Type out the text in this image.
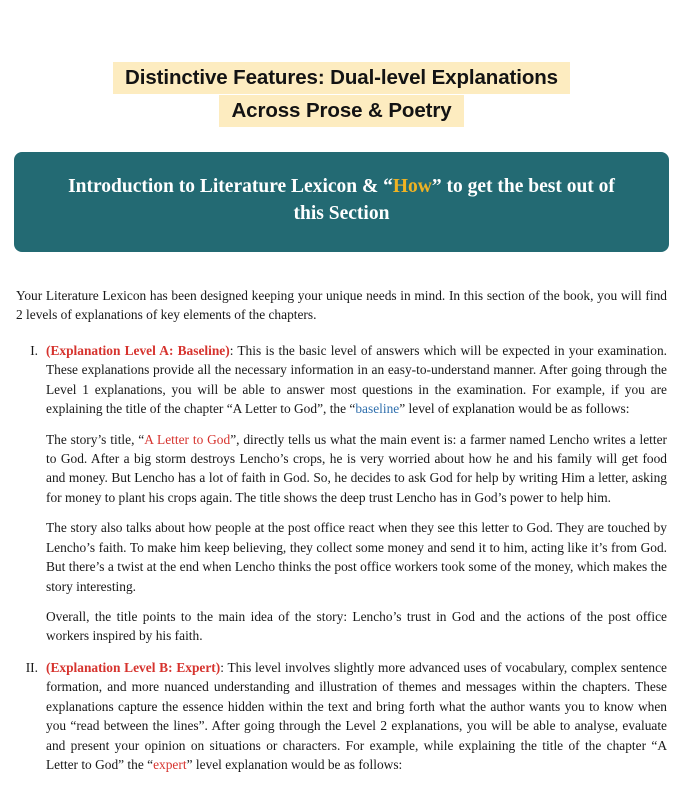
Distinctive Features: Dual-level Explanations
Across Prose & Poetry
Introduction to Literature Lexicon & “How” to get the best out of this Section

Your Literature Lexicon has been designed keeping your unique needs in mind. In this section of the book, you will find 2 levels of explanations of key elements of the chapters.

I. (Explanation Level A: Baseline): This is the basic level of answers which will be expected in your examination. These explanations provide all the necessary information in an easy-to-understand manner. After going through the Level 1 explanations, you will be able to answer most questions in the examination. For example, if you are explaining the title of the chapter “A Letter to God”, the “baseline” level of explanation would be as follows:

The story’s title, “A Letter to God”, directly tells us what the main event is: a farmer named Lencho writes a letter to God. After a big storm destroys Lencho’s crops, he is very worried about how he and his family will get food and money. But Lencho has a lot of faith in God. So, he decides to ask God for help by writing Him a letter, asking for money to plant his crops again. The title shows the deep trust Lencho has in God’s power to help him.

The story also talks about how people at the post office react when they see this letter to God. They are touched by Lencho’s faith. To make him keep believing, they collect some money and send it to him, acting like it’s from God. But there’s a twist at the end when Lencho thinks the post office workers took some of the money, which makes the story interesting.

Overall, the title points to the main idea of the story: Lencho’s trust in God and the actions of the post office workers inspired by his faith.

II. (Explanation Level B: Expert): This level involves slightly more advanced uses of vocabulary, complex sentence formation, and more nuanced understanding and illustration of themes and messages within the chapters. These explanations capture the essence hidden within the text and bring forth what the author wants you to know when you “read between the lines”. After going through the Level 2 explanations, you will be able to analyse, evaluate and present your opinion on situations or characters. For example, while explaining the title of the chapter “A Letter to God” the “expert” level explanation would be as follows:
